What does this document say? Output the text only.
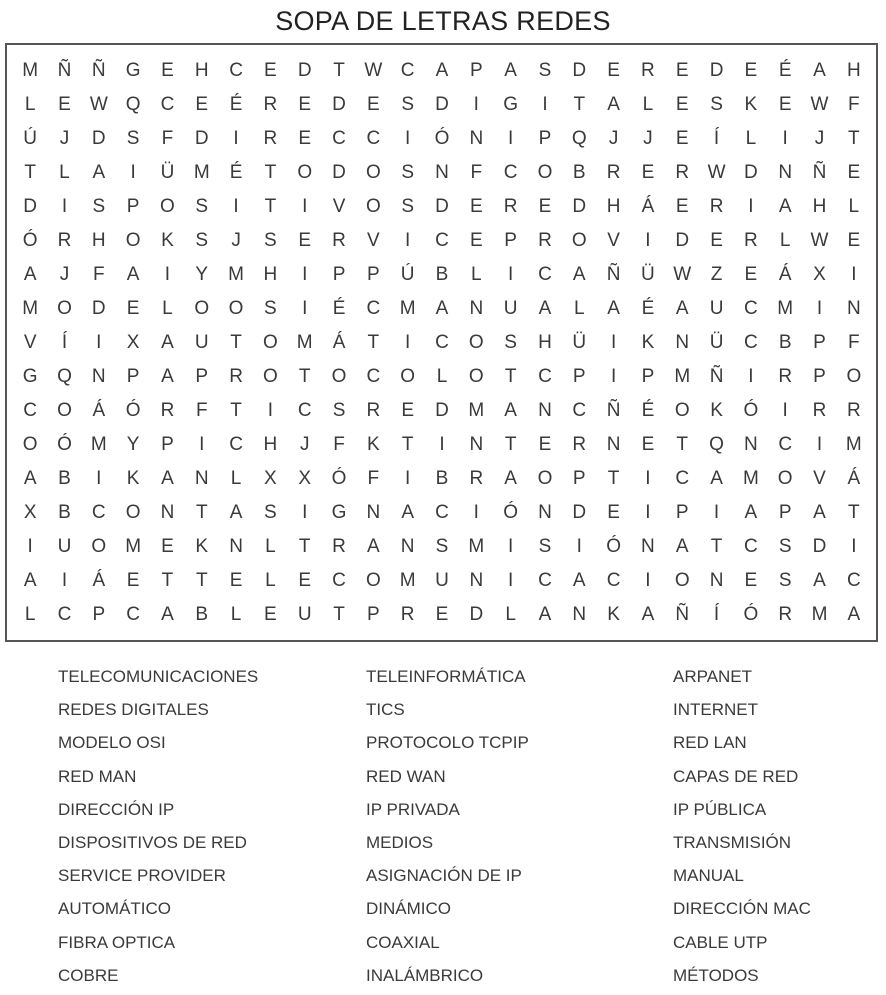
SOPA DE LETRAS REDES
M	Ñ	Ñ	G	E	H	C	E	D	T	W C	A	P	A	S	D	E	R	E	D	E	É	A	H
L	E	W Q	C	E	É	R	E	D	E	S	D	I	G	I	T	A	L	E	S	K	E	W	F
Ú	J	D	S	F	D	I	R	E	C	C	I	Ó	N	I	P	Q	J	J	E	Í	L	I	J	T
T	L	A	I	Ü	M	É	T	O	D	O	S	N	F	C	O	B	R	E	R W D	N	Ñ	E
D	I	S	P	O	S	I	T	I	V	O	S	D	E	R	E	D	H	Á	E	R	I	A	H	L
Ó	R	H	O	K	S	J	S	E	R	V	I	C	E	P	R	O	V	I	D	E	R	L	W	E
A	J	F	A	I	Y	M	H	I	P	P	Ú	B	L	I	C	A	Ñ	Ü W	Z	E	Á	X	I
M	O	D	E	L	O	O	S	I	É	C	M	A	N	U	A	L	A	É	A	U	C	M	I	N
V	Í	I	X	A	U	T	O	M	Á	T	I	C	O	S	H	Ü	I	K	N	Ü	C	B	P	F
G	Q	N	P	A	P	R	O	T	O	C	O	L	O	T	C	P	I	P	M	Ñ	I	R	P	O
C	O	Á	Ó	R	F	T	I	C	S	R	E	D	M	A	N	C	Ñ	É	O	K	Ó	I	R	R
O	Ó	M	Y	P	I	C	H	J	F	K	T	I	N	T	E	R	N	E	T	Q	N	C	I	M
A	B	I	K	A	N	L	X	X	Ó	F	I	B	R	A	O	P	T	I	C	A	M	O	V	Á
X	B	C	O	N	T	A	S	I	G	N	A	C	I	Ó	N	D	E	I	P	I	A	P	A	T
I	U	O	M	E	K	N	L	T	R	A	N	S	M	I	S	I	Ó	N	A	T	C	S	D	I
A	I	Á	E	T	T	E	L	E	C	O	M	U	N	I	C	A	C	I	O	N	E	S	A	C
L	C	P	C	A	B	L	E	U	T	P	R	E	D	L	A	N	K	A	Ñ	Í	Ó	R	M	A
TELECOMUNICACIONES
REDES DIGITALES
MODELO OSI
RED MAN
DIRECCIÓN IP
DISPOSITIVOS DE RED
SERVICE PROVIDER
AUTOMÁTICO
FIBRA OPTICA
COBRE
TELEINFORMÁTICA
TICS
PROTOCOLO TCPIP
RED WAN
IP PRIVADA
MEDIOS
ASIGNACIÓN DE IP
DINÁMICO
COAXIAL
INALÁMBRICO
ARPANET
INTERNET
RED LAN
CAPAS DE RED
IP PÚBLICA
TRANSMISIÓN
MANUAL
DIRECCIÓN MAC
CABLE UTP
MÉTODOS
